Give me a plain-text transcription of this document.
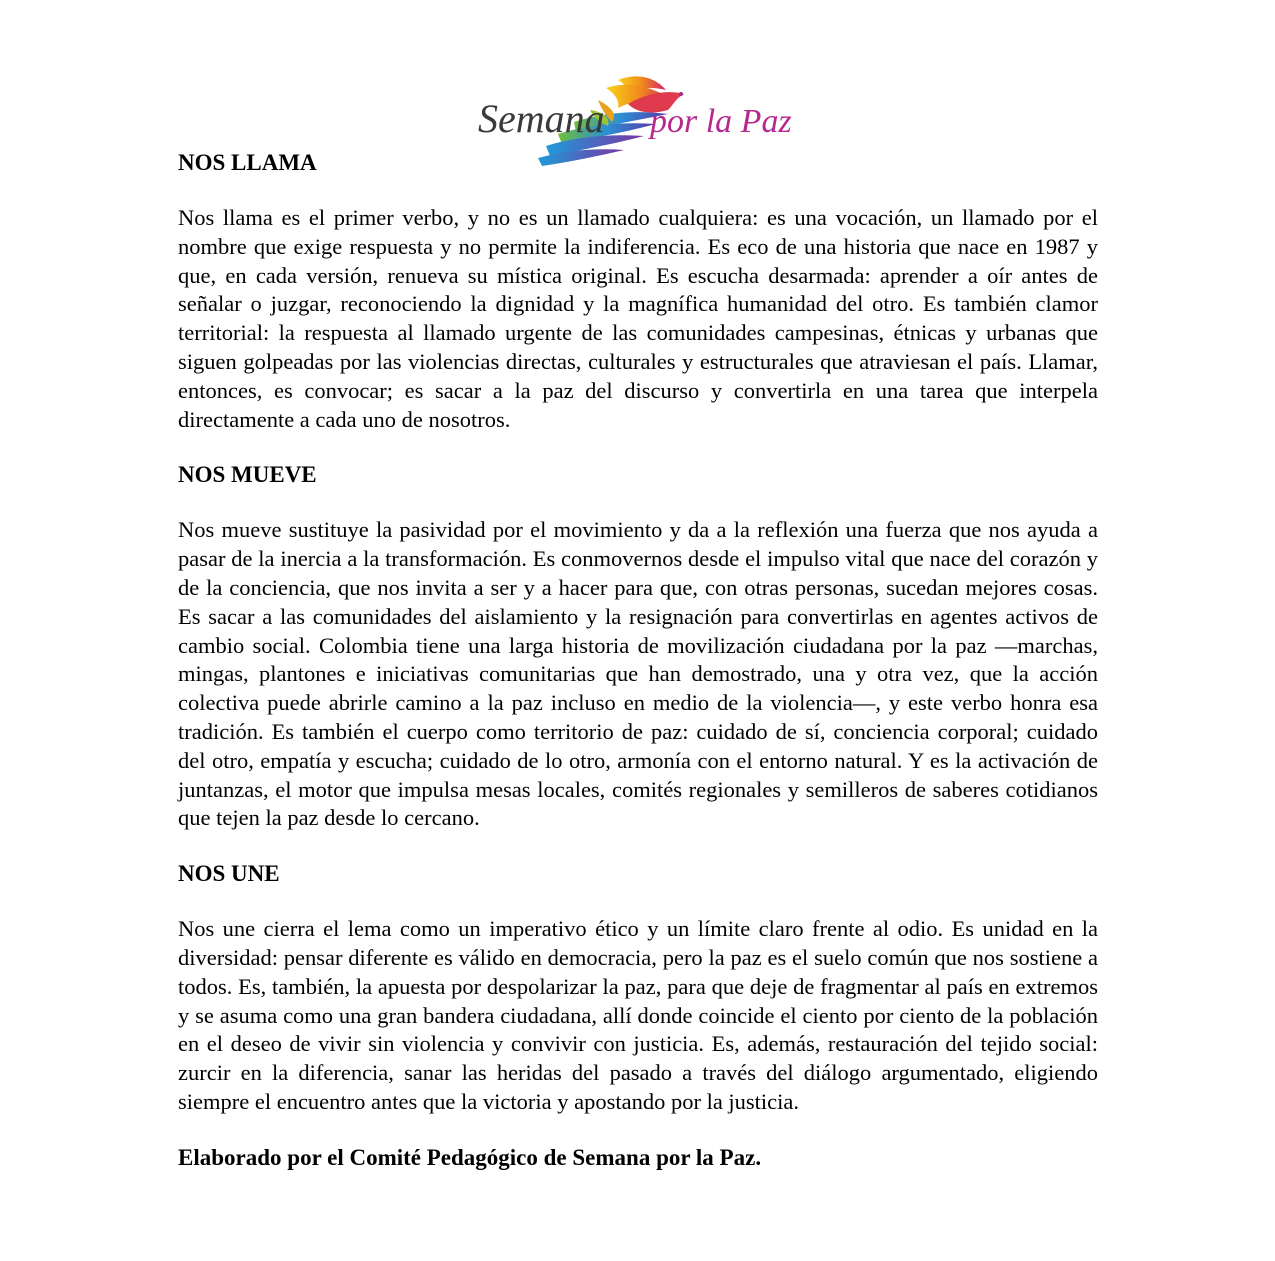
Semana por la Paz
NOS LLAMA

Nos llama es el primer verbo, y no es un llamado cualquiera: es una vocación, un llamado por el nombre que exige respuesta y no permite la indiferencia. Es eco de una historia que nace en 1987 y que, en cada versión, renueva su mística original. Es escucha desarmada: aprender a oír antes de señalar o juzgar, reconociendo la dignidad y la magnífica humanidad del otro. Es también clamor territorial: la respuesta al llamado urgente de las comunidades campesinas, étnicas y urbanas que siguen golpeadas por las violencias directas, culturales y estructurales que atraviesan el país. Llamar, entonces, es convocar; es sacar a la paz del discurso y convertirla en una tarea que interpela directamente a cada uno de nosotros.

NOS MUEVE

Nos mueve sustituye la pasividad por el movimiento y da a la reflexión una fuerza que nos ayuda a pasar de la inercia a la transformación. Es conmovernos desde el impulso vital que nace del corazón y de la conciencia, que nos invita a ser y a hacer para que, con otras personas, sucedan mejores cosas. Es sacar a las comunidades del aislamiento y la resignación para convertirlas en agentes activos de cambio social. Colombia tiene una larga historia de movilización ciudadana por la paz —marchas, mingas, plantones e iniciativas comunitarias que han demostrado, una y otra vez, que la acción colectiva puede abrirle camino a la paz incluso en medio de la violencia—, y este verbo honra esa tradición. Es también el cuerpo como territorio de paz: cuidado de sí, conciencia corporal; cuidado del otro, empatía y escucha; cuidado de lo otro, armonía con el entorno natural. Y es la activación de juntanzas, el motor que impulsa mesas locales, comités regionales y semilleros de saberes cotidianos que tejen la paz desde lo cercano.

NOS UNE

Nos une cierra el lema como un imperativo ético y un límite claro frente al odio. Es unidad en la diversidad: pensar diferente es válido en democracia, pero la paz es el suelo común que nos sostiene a todos. Es, también, la apuesta por despolarizar la paz, para que deje de fragmentar al país en extremos y se asuma como una gran bandera ciudadana, allí donde coincide el ciento por ciento de la población en el deseo de vivir sin violencia y convivir con justicia. Es, además, restauración del tejido social: zurcir en la diferencia, sanar las heridas del pasado a través del diálogo argumentado, eligiendo siempre el encuentro antes que la victoria y apostando por la justicia.

Elaborado por el Comité Pedagógico de Semana por la Paz.
